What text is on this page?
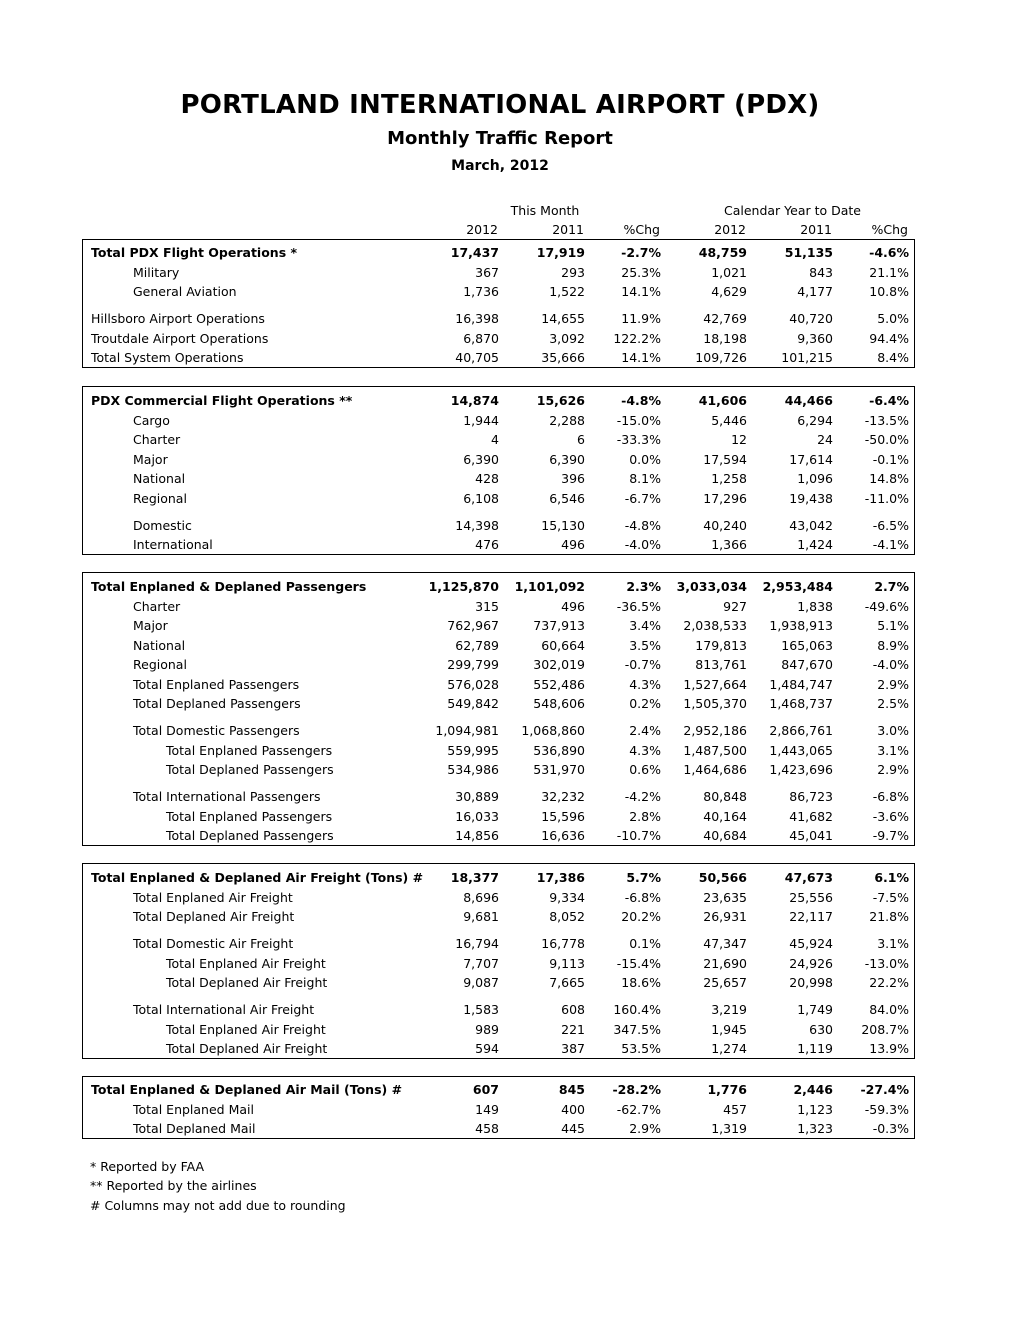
PORTLAND INTERNATIONAL AIRPORT (PDX)
Monthly Traffic Report
March, 2012
This Month	Calendar Year to Date
2012	2011	%Chg	2012	2011	%Chg
Total PDX Flight Operations *	17,437	17,919	-2.7%	48,759	51,135	-4.6%
Military	367	293	25.3%	1,021	843	21.1%
General Aviation	1,736	1,522	14.1%	4,629	4,177	10.8%
Hillsboro Airport Operations	16,398	14,655	11.9%	42,769	40,720	5.0%
Troutdale Airport Operations	6,870	3,092	122.2%	18,198	9,360	94.4%
Total System Operations	40,705	35,666	14.1%	109,726	101,215	8.4%
PDX Commercial Flight Operations **	14,874	15,626	-4.8%	41,606	44,466	-6.4%
Cargo	1,944	2,288	-15.0%	5,446	6,294	-13.5%
Charter	4	6	-33.3%	12	24	-50.0%
Major	6,390	6,390	0.0%	17,594	17,614	-0.1%
National	428	396	8.1%	1,258	1,096	14.8%
Regional	6,108	6,546	-6.7%	17,296	19,438	-11.0%
Domestic	14,398	15,130	-4.8%	40,240	43,042	-6.5%
International	476	496	-4.0%	1,366	1,424	-4.1%
Total Enplaned & Deplaned Passengers	1,125,870	1,101,092	2.3%	3,033,034	2,953,484	2.7%
Charter	315	496	-36.5%	927	1,838	-49.6%
Major	762,967	737,913	3.4%	2,038,533	1,938,913	5.1%
National	62,789	60,664	3.5%	179,813	165,063	8.9%
Regional	299,799	302,019	-0.7%	813,761	847,670	-4.0%
Total Enplaned Passengers	576,028	552,486	4.3%	1,527,664	1,484,747	2.9%
Total Deplaned Passengers	549,842	548,606	0.2%	1,505,370	1,468,737	2.5%
Total Domestic Passengers	1,094,981	1,068,860	2.4%	2,952,186	2,866,761	3.0%
Total Enplaned Passengers	559,995	536,890	4.3%	1,487,500	1,443,065	3.1%
Total Deplaned Passengers	534,986	531,970	0.6%	1,464,686	1,423,696	2.9%
Total International Passengers	30,889	32,232	-4.2%	80,848	86,723	-6.8%
Total Enplaned Passengers	16,033	15,596	2.8%	40,164	41,682	-3.6%
Total Deplaned Passengers	14,856	16,636	-10.7%	40,684	45,041	-9.7%
Total Enplaned & Deplaned Air Freight (Tons) #	18,377	17,386	5.7%	50,566	47,673	6.1%
Total Enplaned Air Freight	8,696	9,334	-6.8%	23,635	25,556	-7.5%
Total Deplaned Air Freight	9,681	8,052	20.2%	26,931	22,117	21.8%
Total Domestic Air Freight	16,794	16,778	0.1%	47,347	45,924	3.1%
Total Enplaned Air Freight	7,707	9,113	-15.4%	21,690	24,926	-13.0%
Total Deplaned Air Freight	9,087	7,665	18.6%	25,657	20,998	22.2%
Total International Air Freight	1,583	608	160.4%	3,219	1,749	84.0%
Total Enplaned Air Freight	989	221	347.5%	1,945	630	208.7%
Total Deplaned Air Freight	594	387	53.5%	1,274	1,119	13.9%
Total Enplaned & Deplaned Air Mail (Tons) #	607	845	-28.2%	1,776	2,446	-27.4%
Total Enplaned Mail	149	400	-62.7%	457	1,123	-59.3%
Total Deplaned Mail	458	445	2.9%	1,319	1,323	-0.3%
* Reported by FAA
** Reported by the airlines
# Columns may not add due to rounding
